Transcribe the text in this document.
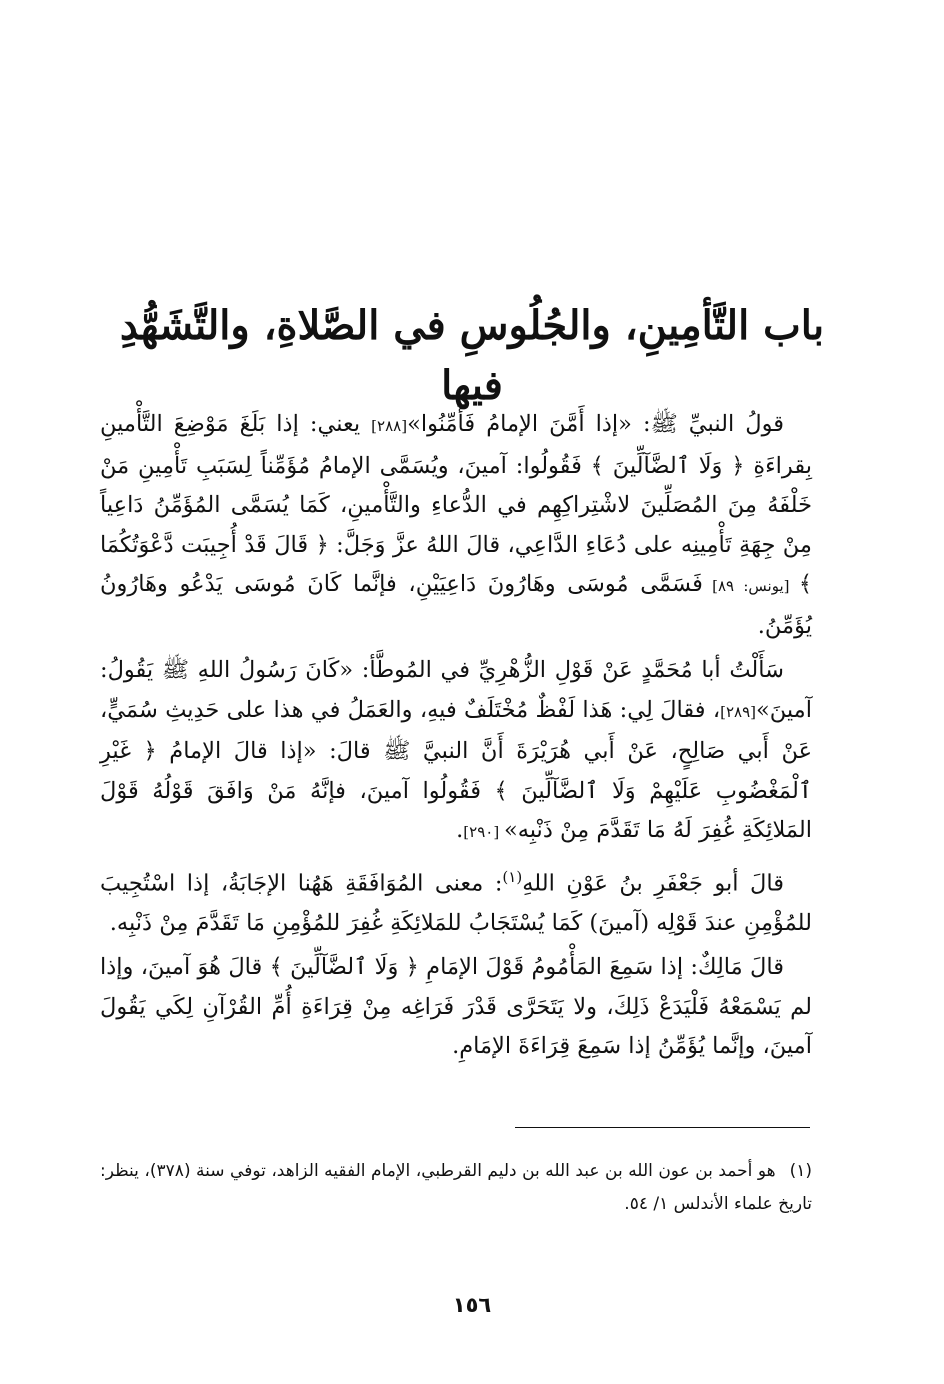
باب التَّأمِينِ، والجُلُوسِ في الصَّلاةِ، والتَّشَهُّدِ فيها

قولُ النبيِّ ﷺ: «إذا أَمَّنَ الإمامُ فَأَمِّنُوا»[٢٨٨] يعني: إذا بَلَغَ مَوْضِعَ التَّأْمينِ بِقراءَةِ ﴿ وَلَا ٱلضَّآلِّينَ ﴾ فَقُولُوا: آمينَ، ويُسَمَّى الإمامُ مُؤَمِّناً لِسَبَبِ تَأْمِينِ مَنْ خَلْفَهُ مِنَ المُصَلِّينَ لاشْتِراكِهِم في الدُّعاءِ والتَّأْمينِ، كَمَا يُسَمَّى المُؤَمِّنُ دَاعِياً مِنْ جِهَةِ تَأْمِينِه على دُعَاءِ الدَّاعِي، قالَ اللهُ عزَّ وَجَلَّ: ﴿ قَالَ قَدْ أُجِيبَت دَّعْوَتُكُمَا ﴾ [يونس: ٨٩] فَسَمَّى مُوسَى وهَارُونَ دَاعِيَيْنِ، فإنَّما كَانَ مُوسَى يَدْعُو وهَارُونُ يُؤَمِّنُ.

سَأَلْتُ أبا مُحَمَّدٍ عَنْ قَوْلِ الزُّهْرِيِّ في المُوطَّأ: «كَانَ رَسُولُ اللهِ ﷺ يَقُولُ: آمينَ»[٢٨٩]، فقالَ لِي: هَذا لَفْظٌ مُخْتَلَفٌ فيهِ، والعَمَلُ في هذا على حَدِيثِ سُمَيٍّ، عَنْ أَبي صَالِحٍ، عَنْ أَبي هُرَيْرَةَ أَنَّ النبيَّ ﷺ قالَ: «إذا قالَ الإمامُ ﴿ غَيْرِ ٱلْمَغْضُوبِ عَلَيْهِمْ وَلَا ٱلضَّآلِّينَ ﴾ فَقُولُوا آمينَ، فإنَّهُ مَنْ وَافَقَ قَوْلُهُ قَوْلَ المَلائِكَةِ غُفِرَ لَهُ مَا تَقَدَّمَ مِنْ ذَنْبِه» [٢٩٠].

قالَ أبو جَعْفَرِ بنُ عَوْنِ اللهِ$^{(١)}$: معنى المُوَافَقَةِ هَهُنا الإجَابَةُ، إذا اسْتُجِيبَ للمُؤْمِنِ عندَ قَوْلِه (آمينَ) كَمَا يُسْتَجَابُ للمَلائِكَةِ غُفِرَ للمُؤْمِنِ مَا تَقَدَّمَ مِنْ ذَنْبِه.

قالَ مَالِكٌ: إذا سَمِعَ المَأْمُومُ قَوْلَ الإمَامِ ﴿ وَلَا ٱلضَّآلِّينَ ﴾ قالَ هُوَ آمينَ، وإذا لم يَسْمَعْهُ فَلْيَدَعْ ذَلِكَ، ولا يَتَحَرَّى قَدْرَ فَرَاغِه مِنْ قِرَاءَةِ أُمِّ القُرْآنِ لِكَي يَقُولَ آمينَ، وإنَّما يُؤَمِّنُ إذا سَمِعَ قِرَاءَةَ الإمَامِ.

(١)هو أحمد بن عون الله بن عبد الله بن دليم القرطبي، الإمام الفقيه الزاهد، توفي سنة (٣٧٨)، ينظر: تاريخ علماء الأندلس ١/ ٥٤.
١٥٦
